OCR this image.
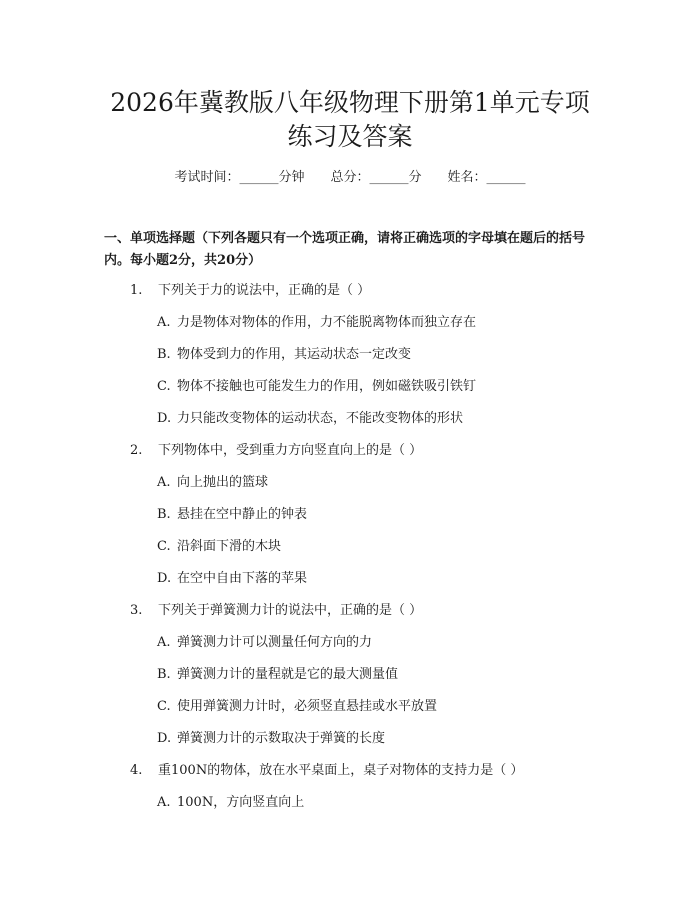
2026年冀教版八年级物理下册第1单元专项
练习及答案
考试时间：______分钟 总分：______分 姓名：______

一、单项选择题（下列各题只有一个选项正确，请将正确选项的字母填在题后的括号内。每小题2分，共20分）

1. 下列关于力的说法中，正确的是（ ）

A. 力是物体对物体的作用，力不能脱离物体而独立存在

B. 物体受到力的作用，其运动状态一定改变

C. 物体不接触也可能发生力的作用，例如磁铁吸引铁钉

D. 力只能改变物体的运动状态，不能改变物体的形状

2. 下列物体中，受到重力方向竖直向上的是（ ）

A. 向上抛出的篮球

B. 悬挂在空中静止的钟表

C. 沿斜面下滑的木块

D. 在空中自由下落的苹果

3. 下列关于弹簧测力计的说法中，正确的是（ ）

A. 弹簧测力计可以测量任何方向的力

B. 弹簧测力计的量程就是它的最大测量值

C. 使用弹簧测力计时，必须竖直悬挂或水平放置

D. 弹簧测力计的示数取决于弹簧的长度

4. 重100N的物体，放在水平桌面上，桌子对物体的支持力是（ ）

A. 100N，方向竖直向上
